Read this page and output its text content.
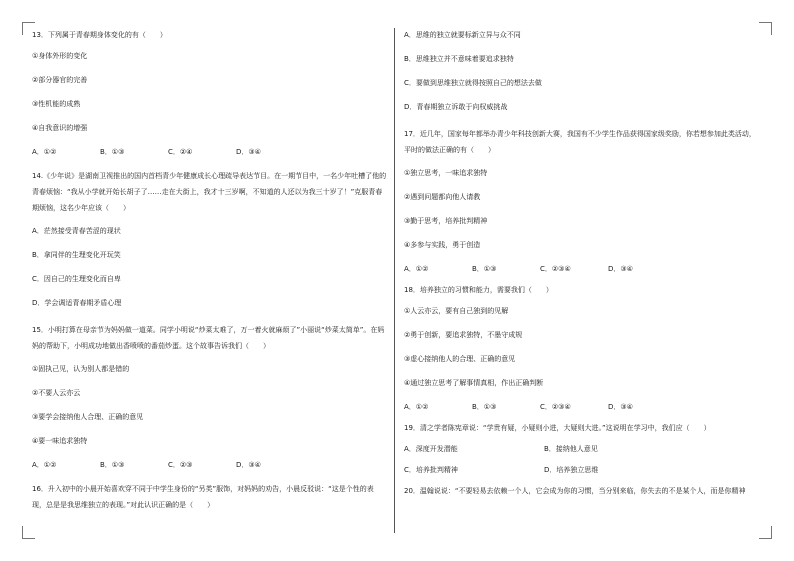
13．下列属于青春期身体变化的有（　　）
①身体外形的变化
②部分器官的完善
③性机能的成熟
④自我意识的增强
A．①②	B．①③	C．②④	D．③④
14.《少年说》是湖南卫视推出的国内首档青少年健康成长心理疏导表达节目。在一期节目中，一名少年吐槽了他的青春烦恼：“我从小学就开始长胡子了……走在大街上，我才十三岁啊，不知道的人还以为我三十岁了！”克服青春期烦恼，这名少年应该（　　）
A．茫然接受青春苦涩的现状
B．拿同伴的生理变化开玩笑
C．因自己的生理变化而自卑
D．学会调适青春期矛盾心理
15．小明打算在母亲节为妈妈做一道菜。同学小明说“炒菜太难了，万一着火就麻烦了”小丽说“炒菜太简单”。在妈妈的帮助下，小明成功地做出香喷喷的番茄炒蛋。这个故事告诉我们（　　）
①固执己见，认为别人都是错的
②不要人云亦云
③要学会接纳他人合理、正确的意见
④要一味追求独特
A．①②	B．①③	C．②③	D．③④
16．升入初中的小晨开始喜欢穿不同于中学生身份的“另类”服饰，对妈妈的劝告，小晨反驳说：“这是个性的表现，总是是我思维独立的表现。”对此认识正确的是（　　）
A．思维的独立就要标新立异与众不同
B．思维独立并不意味着要追求独特
C．要做到思维独立就得按照自己的想法去做
D．青春期独立诉敢于向权威挑战
17．近几年，国家每年都举办青少年科技创新大赛，我国有不少学生作品获得国家级奖励，你若想参加此类活动，平时的做法正确的有（　　）
①独立思考，一味追求独特
②遇到问题都向他人请教
③勤于思考，培养批判精神
④多参与实践，勇于创造
A．①②	B．①③	C．②③④	D．③④
18．培养独立的习惯和能力，需要我们（　　）
①人云亦云，要有自己独到的见解
②勇于创新，要追求独特，不墨守成规
③虚心接纳他人的合理、正确的意见
④通过独立思考了解事情真相，作出正确判断
A．①②	B．①③	C．②③④	D．③④
19．清之学者陈宪章说：“学贵有疑，小疑则小进，大疑则大进。”这说明在学习中，我们应（　　）
A．深度开发潜能	B．接纳他人意见
C．培养批判精神	D．培养独立思维
20．温翰说说：“不要轻易去依赖一个人，它会成为你的习惯，当分别来临，你失去的不是某个人，而是你精神
